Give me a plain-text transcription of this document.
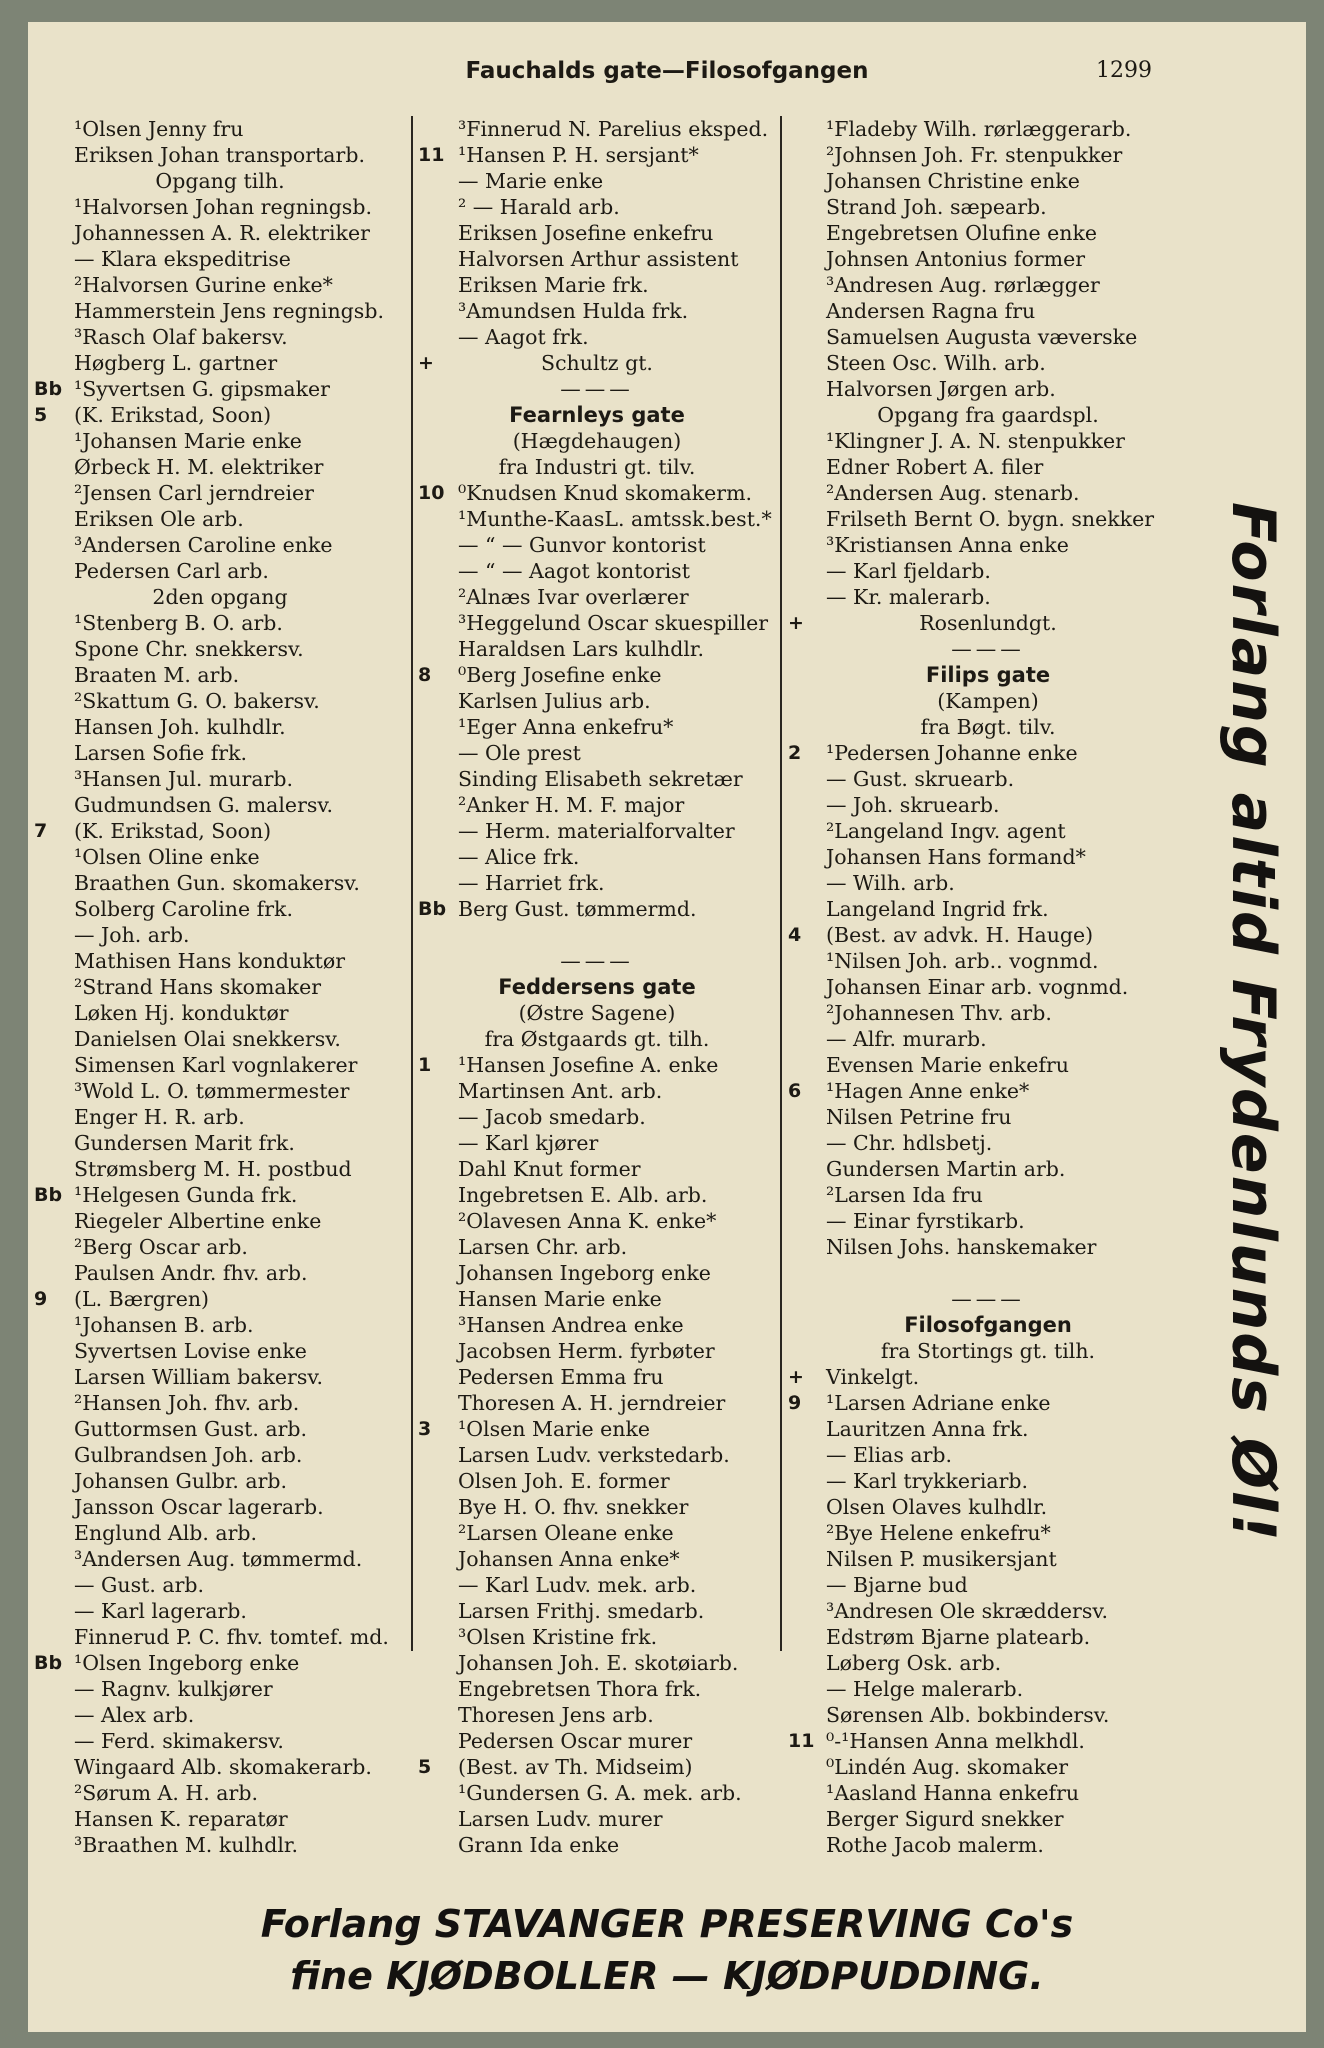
Fauchalds gate—Filosofgangen	1299
¹Olsen Jenny fru
Eriksen Johan transportarb.
Opgang tilh.
¹Halvorsen Johan regningsb.
Johannessen A. R. elektriker
— Klara ekspeditrise
²Halvorsen Gurine enke*
Hammerstein Jens regningsb.
³Rasch Olaf bakersv.
Høgberg L. gartner
Bb ¹Syvertsen G. gipsmaker
5 (K. Erikstad, Soon)
¹Johansen Marie enke
Ørbeck H. M. elektriker
²Jensen Carl jerndreier
Eriksen Ole arb.
³Andersen Caroline enke
Pedersen Carl arb.
2den opgang
¹Stenberg B. O. arb.
Spone Chr. snekkersv.
Braaten M. arb.
²Skattum G. O. bakersv.
Hansen Joh. kulhdlr.
Larsen Sofie frk.
³Hansen Jul. murarb.
Gudmundsen G. malersv.
7 (K. Erikstad, Soon)
¹Olsen Oline enke
Braathen Gun. skomakersv.
Solberg Caroline frk.
— Joh. arb.
Mathisen Hans konduktør
²Strand Hans skomaker
Løken Hj. konduktør
Danielsen Olai snekkersv.
Simensen Karl vognlakerer
³Wold L. O. tømmermester
Enger H. R. arb.
Gundersen Marit frk.
Strømsberg M. H. postbud
Bb ¹Helgesen Gunda frk.
Riegeler Albertine enke
²Berg Oscar arb.
Paulsen Andr. fhv. arb.
9 (L. Bærgren)
¹Johansen B. arb.
Syvertsen Lovise enke
Larsen William bakersv.
²Hansen Joh. fhv. arb.
Guttormsen Gust. arb.
Gulbrandsen Joh. arb.
Johansen Gulbr. arb.
Jansson Oscar lagerarb.
Englund Alb. arb.
³Andersen Aug. tømmermd.
— Gust. arb.
— Karl lagerarb.
Finnerud P. C. fhv. tomtef. md.
Bb ¹Olsen Ingeborg enke
— Ragnv. kulkjører
— Alex arb.
— Ferd. skimakersv.
Wingaard Alb. skomakerarb.
²Sørum A. H. arb.
Hansen K. reparatør
³Braathen M. kulhdlr.
³Finnerud N. Parelius eksped.
11 ¹Hansen P. H. sersjant*
— Marie enke
² — Harald arb.
Eriksen Josefine enkefru
Halvorsen Arthur assistent
Eriksen Marie frk.
³Amundsen Hulda frk.
— Aagot frk.
+	Schultz gt.
———
Fearnleys gate
(Hægdehaugen)
fra Industri gt. tilv.
10 ⁰Knudsen Knud skomakerm.
¹Munthe-KaasL. amtssk.best.*
— “ — Gunvor kontorist
— “ — Aagot kontorist
²Alnæs Ivar overlærer
³Heggelund Oscar skuespiller
Haraldsen Lars kulhdlr.
8 ⁰Berg Josefine enke
Karlsen Julius arb.
¹Eger Anna enkefru*
— Ole prest
Sinding Elisabeth sekretær
²Anker H. M. F. major
— Herm. materialforvalter
— Alice frk.
— Harriet frk.
Bb Berg Gust. tømmermd.
———
Feddersens gate
(Østre Sagene)
fra Østgaards gt. tilh.
1 ¹Hansen Josefine A. enke
Martinsen Ant. arb.
— Jacob smedarb.
— Karl kjører
Dahl Knut former
Ingebretsen E. Alb. arb.
²Olavesen Anna K. enke*
Larsen Chr. arb.
Johansen Ingeborg enke
Hansen Marie enke
³Hansen Andrea enke
Jacobsen Herm. fyrbøter
Pedersen Emma fru
Thoresen A. H. jerndreier
3 ¹Olsen Marie enke
Larsen Ludv. verkstedarb.
Olsen Joh. E. former
Bye H. O. fhv. snekker
²Larsen Oleane enke
Johansen Anna enke*
— Karl Ludv. mek. arb.
Larsen Frithj. smedarb.
³Olsen Kristine frk.
Johansen Joh. E. skotøiarb.
Engebretsen Thora frk.
Thoresen Jens arb.
Pedersen Oscar murer
5 (Best. av Th. Midseim)
¹Gundersen G. A. mek. arb.
Larsen Ludv. murer
Grann Ida enke
¹Fladeby Wilh. rørlæggerarb.
²Johnsen Joh. Fr. stenpukker
Johansen Christine enke
Strand Joh. sæpearb.
Engebretsen Olufine enke
Johnsen Antonius former
³Andresen Aug. rørlægger
Andersen Ragna fru
Samuelsen Augusta væverske
Steen Osc. Wilh. arb.
Halvorsen Jørgen arb.
Opgang fra gaardspl.
¹Klingner J. A. N. stenpukker
Edner Robert A. filer
²Andersen Aug. stenarb.
Frilseth Bernt O. bygn. snekker
³Kristiansen Anna enke
— Karl fjeldarb.
— Kr. malerarb.
+	Rosenlundgt.
———
Filips gate
(Kampen)
fra Bøgt. tilv.
2 ¹Pedersen Johanne enke
— Gust. skruearb.
— Joh. skruearb.
²Langeland Ingv. agent
Johansen Hans formand*
— Wilh. arb.
Langeland Ingrid frk.
4 (Best. av advk. H. Hauge)
¹Nilsen Joh. arb.. vognmd.
Johansen Einar arb. vognmd.
²Johannesen Thv. arb.
— Alfr. murarb.
Evensen Marie enkefru
6 ¹Hagen Anne enke*
Nilsen Petrine fru
— Chr. hdlsbetj.
Gundersen Martin arb.
²Larsen Ida fru
— Einar fyrstikarb.
Nilsen Johs. hanskemaker
———
Filosofgangen
fra Stortings gt. tilh.
+ Vinkelgt.
9 ¹Larsen Adriane enke
Lauritzen Anna frk.
— Elias arb.
— Karl trykkeriarb.
Olsen Olaves kulhdlr.
²Bye Helene enkefru*
Nilsen P. musikersjant
— Bjarne bud
³Andresen Ole skræddersv.
Edstrøm Bjarne platearb.
Løberg Osk. arb.
— Helge malerarb.
Sørensen Alb. bokbindersv.
11 ⁰-¹Hansen Anna melkhdl.
⁰Lindén Aug. skomaker
¹Aasland Hanna enkefru
Berger Sigurd snekker
Rothe Jacob malerm.
Forlang altid Frydenlunds Øl!
Forlang STAVANGER PRESERVING Co's
fine KJØDBOLLER — KJØDPUDDING.
